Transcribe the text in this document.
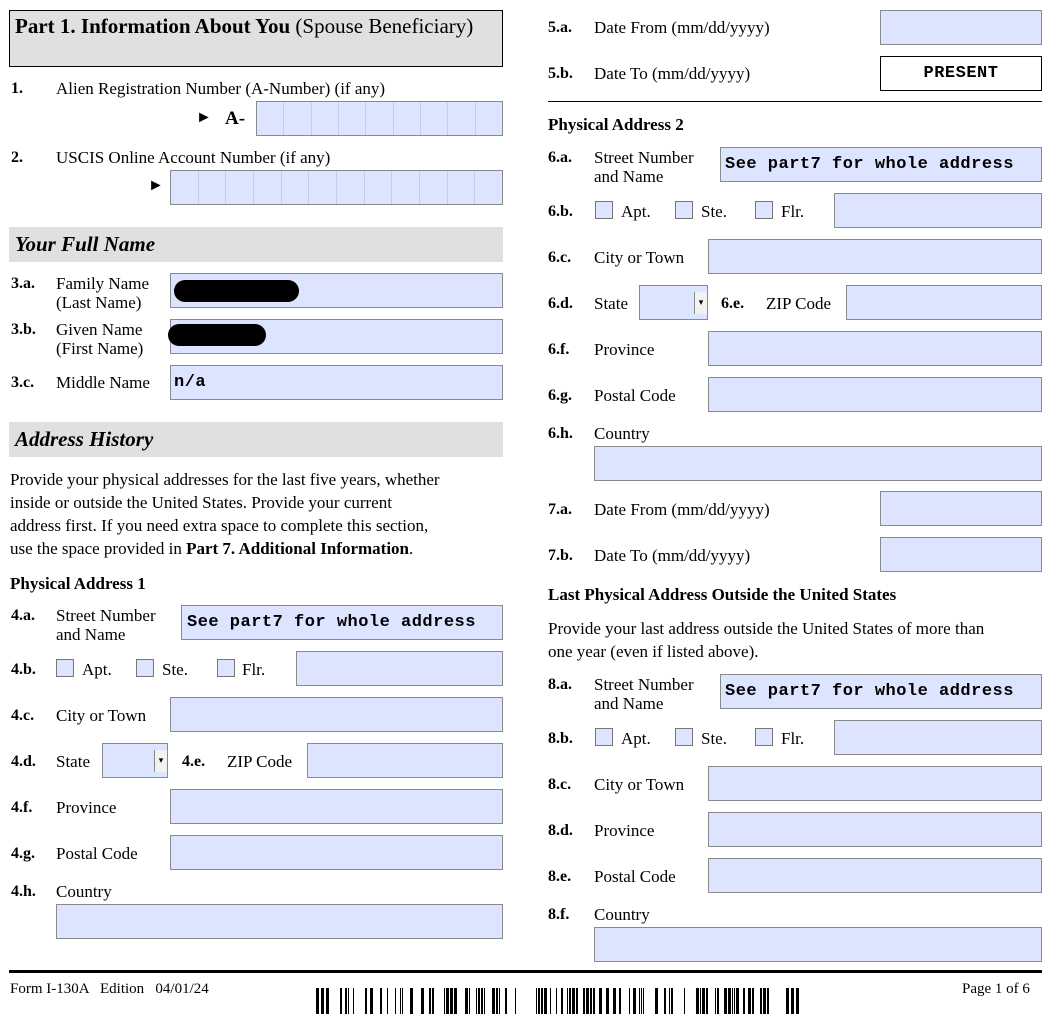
Part 1. Information About You (Spouse Beneficiary)
1. Alien Registration Number (A-Number) (if any)
► A-
2. USCIS Online Account Number (if any)
►
Your Full Name
3.a. Family Name
(Last Name)
3.b. Given Name
(First Name)
3.c. Middle Name n/a
Address History
Provide your physical addresses for the last five years, whether
inside or outside the United States. Provide your current
address first. If you need extra space to complete this section,
use the space provided in Part 7. Additional Information.
Physical Address 1
4.a. Street Number
and Name
See part7 for whole address
4.b.	Apt.	Ste.	Flr.
4.c. City or Town
4.d. State	▾ 4.e. ZIP Code
4.f. Province
4.g. Postal Code
4.h. Country
5.a. Date From (mm/dd/yyyy)
5.b. Date To (mm/dd/yyyy)	PRESENT
Physical Address 2
6.a. Street Number
and Name
See part7 for whole address
6.b.	Apt.	Ste.	Flr.
6.c. City or Town
6.d. State	▾ 6.e. ZIP Code
6.f. Province
6.g. Postal Code
6.h. Country
7.a. Date From (mm/dd/yyyy)
7.b. Date To (mm/dd/yyyy)
Last Physical Address Outside the United States
Provide your last address outside the United States of more than
one year (even if listed above).
8.a. Street Number
and Name
See part7 for whole address
8.b.	Apt.	Ste.	Flr.
8.c. City or Town
8.d. Province
8.e. Postal Code
8.f. Country
Form I-130A   Edition   04/01/24	Page 1 of 6
